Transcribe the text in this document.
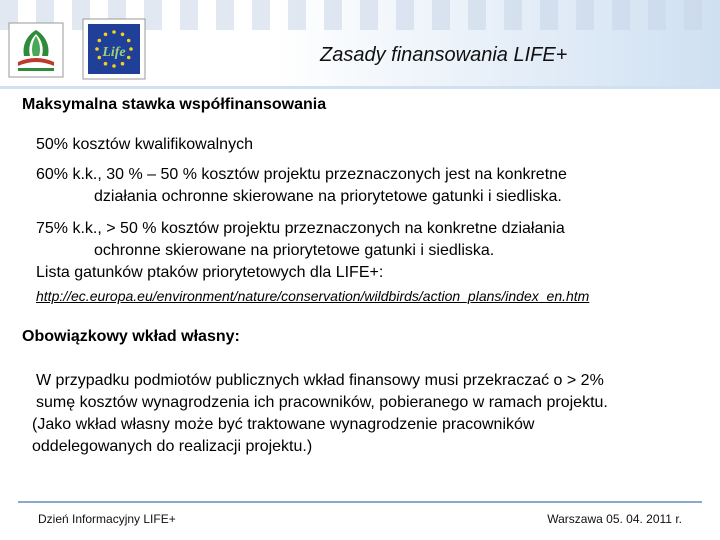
Life	Zasady finansowania LIFE+
Maksymalna stawka współfinansowania
50% kosztów kwalifikowalnych
60% k.k., 30 % – 50 % kosztów projektu przeznaczonych jest na konkretne
działania ochronne skierowane na priorytetowe gatunki i siedliska.
75% k.k., > 50 % kosztów projektu przeznaczonych na konkretne działania
ochronne skierowane na priorytetowe gatunki i siedliska.
Lista gatunków ptaków priorytetowych dla LIFE+:
http://ec.europa.eu/environment/nature/conservation/wildbirds/action_plans/index_en.htm
Obowiązkowy wkład własny:
W przypadku podmiotów publicznych wkład finansowy musi przekraczać o > 2%
sumę kosztów wynagrodzenia ich pracowników, pobieranego w ramach projektu.
(Jako wkład własny może być traktowane wynagrodzenie pracowników
oddelegowanych do realizacji projektu.)
Dzień Informacyjny LIFE+	Warszawa 05. 04. 2011 r.
